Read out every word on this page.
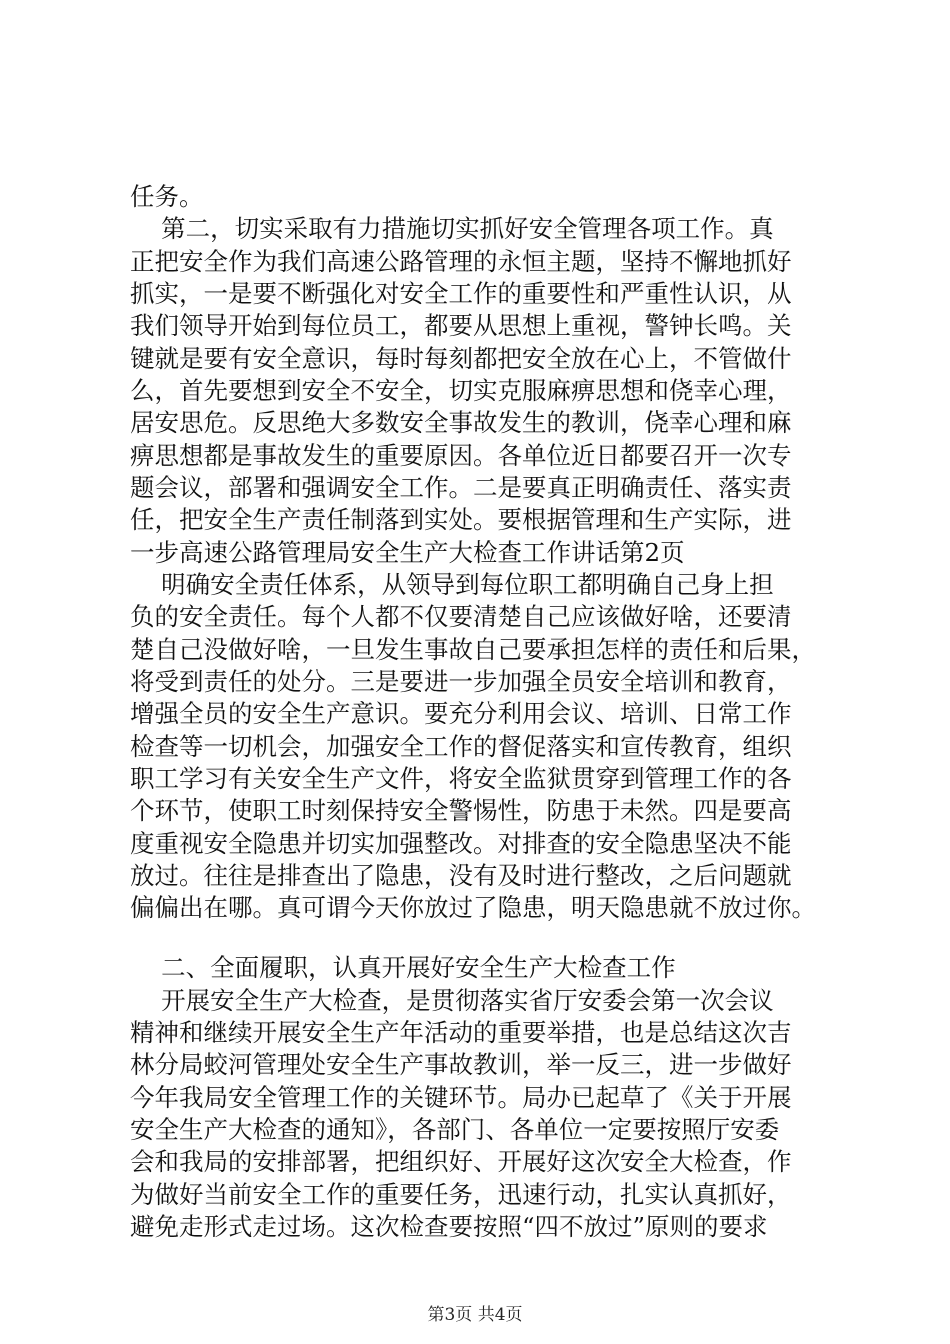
任务。
第二，切实采取有力措施切实抓好安全管理各项工作。真
正把安全作为我们高速公路管理的永恒主题，坚持不懈地抓好
抓实，一是要不断强化对安全工作的重要性和严重性认识，从
我们领导开始到每位员工，都要从思想上重视，警钟长鸣。关
键就是要有安全意识，每时每刻都把安全放在心上，不管做什
么，首先要想到安全不安全，切实克服麻痹思想和侥幸心理，
居安思危。反思绝大多数安全事故发生的教训，侥幸心理和麻
痹思想都是事故发生的重要原因。各单位近日都要召开一次专
题会议，部署和强调安全工作。二是要真正明确责任、落实责
任，把安全生产责任制落到实处。要根据管理和生产实际，进
一步高速公路管理局安全生产大检查工作讲话第2页
明确安全责任体系，从领导到每位职工都明确自己身上担
负的安全责任。每个人都不仅要清楚自己应该做好啥，还要清
楚自己没做好啥，一旦发生事故自己要承担怎样的责任和后果，
将受到责任的处分。三是要进一步加强全员安全培训和教育，
增强全员的安全生产意识。要充分利用会议、培训、日常工作
检查等一切机会，加强安全工作的督促落实和宣传教育，组织
职工学习有关安全生产文件，将安全监狱贯穿到管理工作的各
个环节，使职工时刻保持安全警惕性，防患于未然。四是要高
度重视安全隐患并切实加强整改。对排查的安全隐患坚决不能
放过。往往是排查出了隐患，没有及时进行整改，之后问题就
偏偏出在哪。真可谓今天你放过了隐患，明天隐患就不放过你。
二、全面履职，认真开展好安全生产大检查工作
开展安全生产大检查，是贯彻落实省厅安委会第一次会议
精神和继续开展安全生产年活动的重要举措，也是总结这次吉
林分局蛟河管理处安全生产事故教训，举一反三，进一步做好
今年我局安全管理工作的关键环节。局办已起草了《关于开展
安全生产大检查的通知》，各部门、各单位一定要按照厅安委
会和我局的安排部署，把组织好、开展好这次安全大检查，作
为做好当前安全工作的重要任务，迅速行动，扎实认真抓好，
避免走形式走过场。这次检查要按照“四不放过”原则的要求
第3页 共4页
